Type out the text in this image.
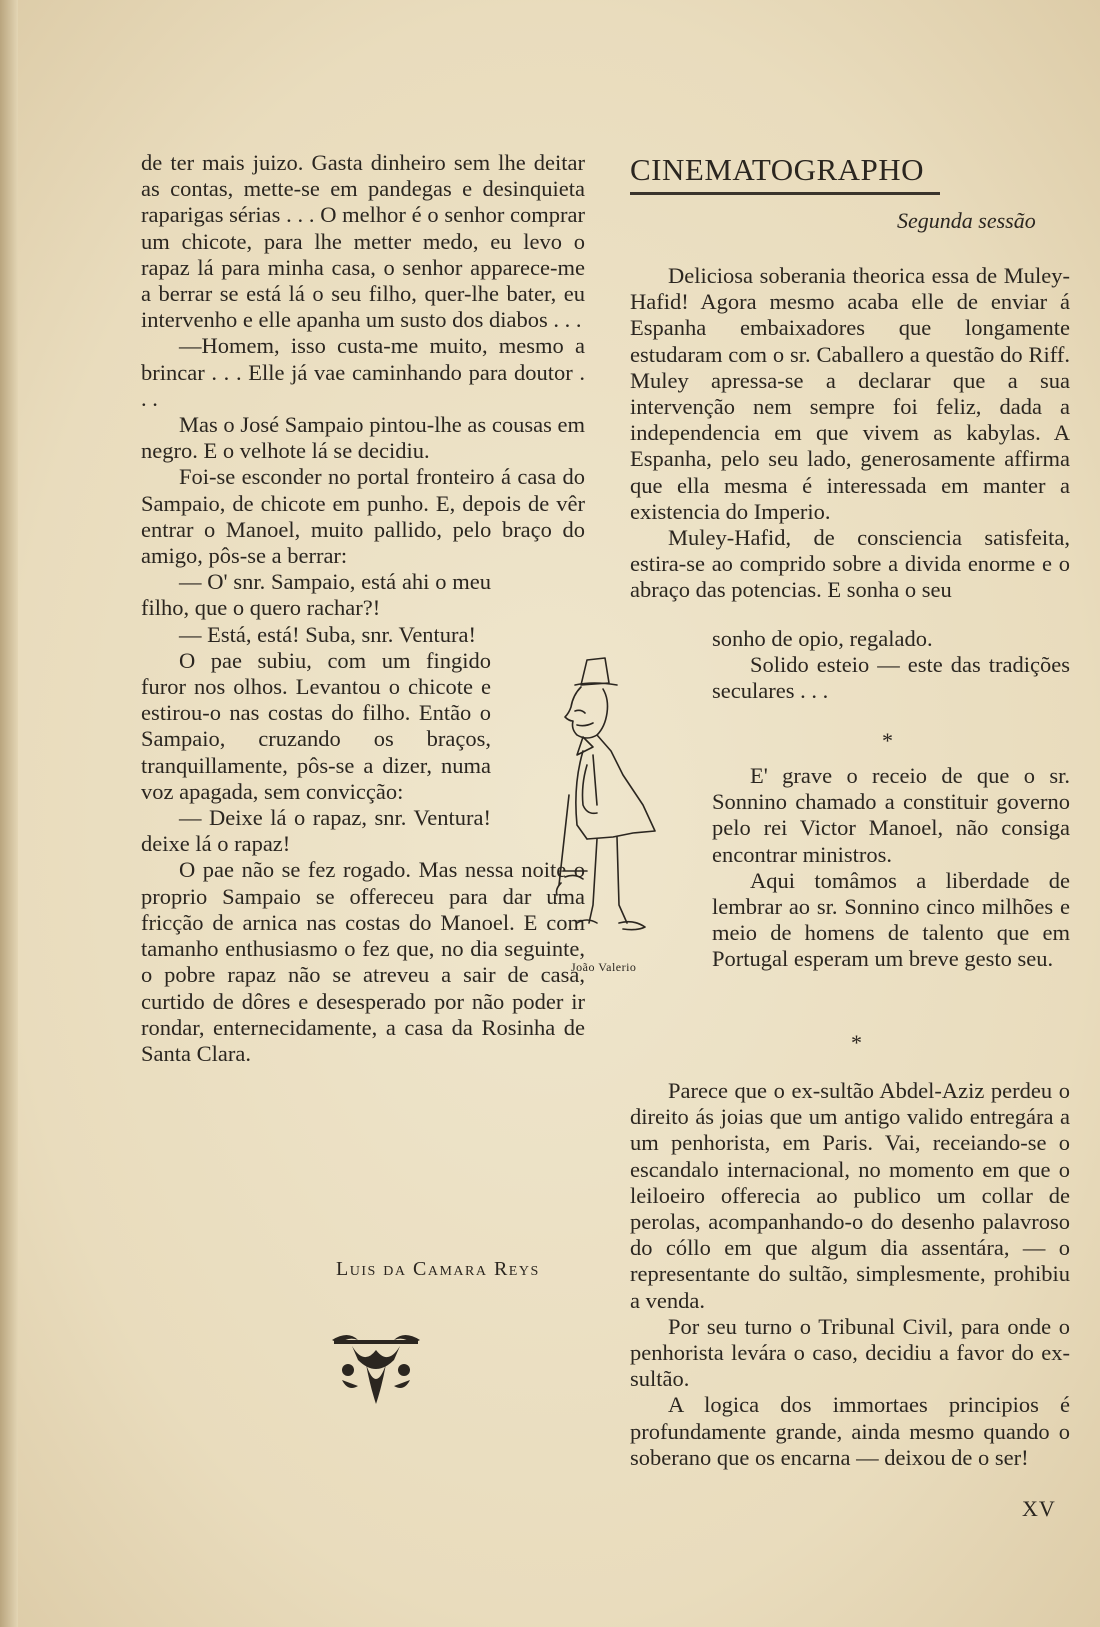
de ter mais juizo. Gasta dinheiro sem lhe deitar as contas, mette-se em pandegas e desinquieta raparigas sérias . . . O melhor é o senhor comprar um chicote, para lhe metter medo, eu levo o rapaz lá para minha casa, o senhor apparece-me a berrar se está lá o seu filho, quer-lhe bater, eu intervenho e elle apanha um susto dos diabos . . .

—Homem, isso custa-me muito, mesmo a brincar . . . Elle já vae caminhando para doutor . . .

Mas o José Sampaio pintou-lhe as cousas em negro. E o velhote lá se decidiu.

Foi-se esconder no portal fronteiro á casa do Sampaio, de chicote em punho. E, depois de vêr entrar o Manoel, muito pallido, pelo braço do amigo, pôs-se a berrar:

— O' snr. Sampaio, está ahi o meu filho, que o quero rachar?!

— Está, está! Suba, snr. Ventura!

O pae subiu, com um fingido furor nos olhos. Levantou o chicote e estirou-o nas costas do filho. Então o Sampaio, cruzando os braços, tranquillamente, pôs-se a dizer, numa voz apagada, sem convicção:

— Deixe lá o rapaz, snr. Ventura! deixe lá o rapaz!

O pae não se fez rogado. Mas nessa noite o proprio Sampaio se offereceu para dar uma fricção de arnica nas costas do Manoel. E com tamanho enthusiasmo o fez que, no dia seguinte, o pobre rapaz não se atreveu a sair de casa, curtido de dôres e desesperado por não poder ir rondar, enternecidamente, a casa da Rosinha de Santa Clara.

João Valerio
Luis da Camara Reys
CINEMATOGRAPHO
Segunda sessão

Deliciosa soberania theorica essa de Muley-Hafid! Agora mesmo acaba elle de enviar á Espanha embaixadores que longamente estudaram com o sr. Caballero a questão do Riff. Muley apressa-se a declarar que a sua intervenção nem sempre foi feliz, dada a independencia em que vivem as kabylas. A Espanha, pelo seu lado, generosamente affirma que ella mesma é interessada em manter a existencia do Imperio.

Muley-Hafid, de consciencia satisfeita, estira-se ao comprido sobre a divida enorme e o abraço das potencias. E sonha o seu

sonho de opio, regalado.

Solido esteio — este das tradições seculares . . .

*

E' grave o receio de que o sr. Sonnino chamado a constituir governo pelo rei Victor Manoel, não consiga encontrar ministros.

Aqui tomâmos a liberdade de lembrar ao sr. Sonnino cinco milhões e meio de homens de talento que em Portugal esperam um breve gesto seu.

*

Parece que o ex-sultão Abdel-Aziz perdeu o direito ás joias que um antigo valido entregára a um penhorista, em Paris. Vai, receiando-se o escandalo internacional, no momento em que o leiloeiro offerecia ao publico um collar de perolas, acompanhando-o do desenho palavroso do cóllo em que algum dia assentára, — o representante do sultão, simplesmente, prohibiu a venda.

Por seu turno o Tribunal Civil, para onde o penhorista levára o caso, decidiu a favor do ex-sultão.

A logica dos immortaes principios é profundamente grande, ainda mesmo quando o soberano que os encarna — deixou de o ser!

XV
